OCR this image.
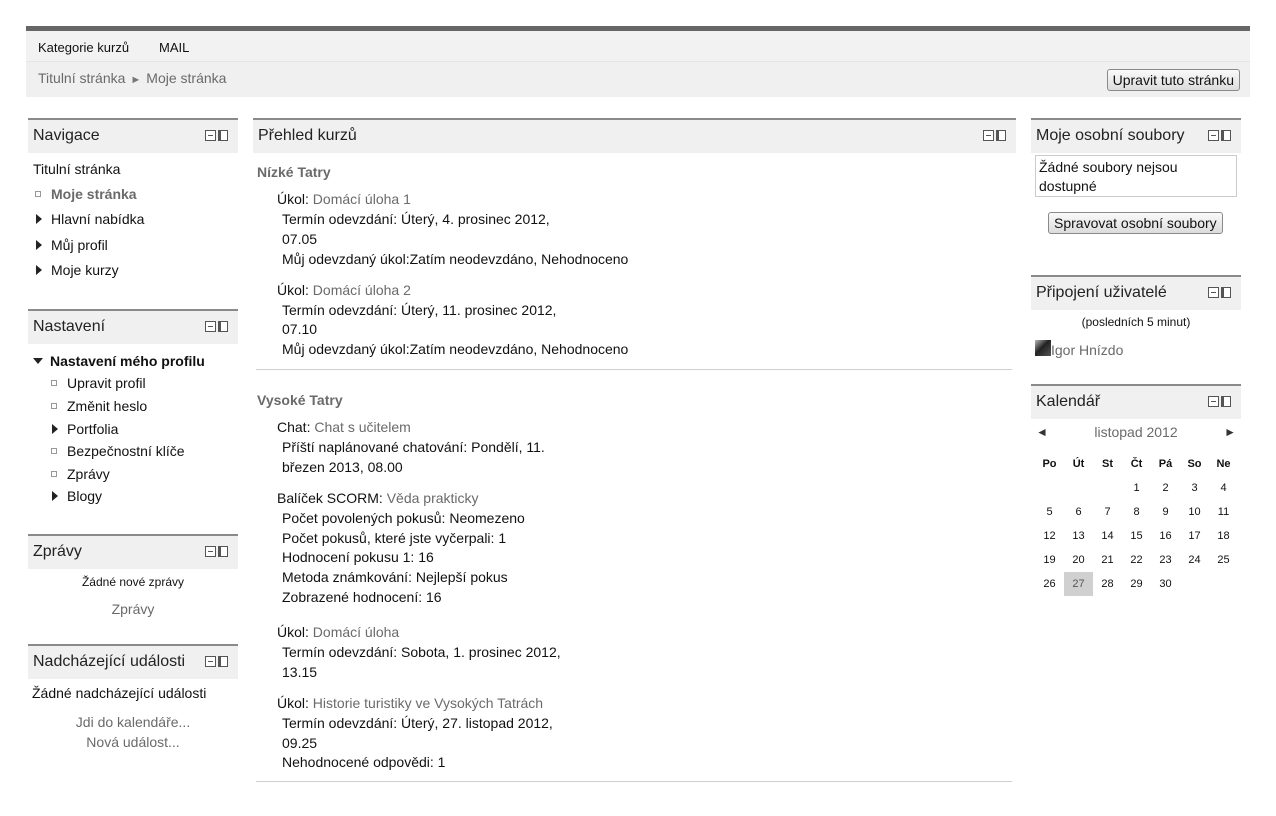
Kategorie kurzů MAIL
Titulní stránka ► Moje stránka	Upravit tuto stránku
Navigace
Titulní stránka
Moje stránka
Hlavní nabídka
Můj profil
Moje kurzy
Nastavení
Nastavení mého profilu
Upravit profil
Změnit heslo
Portfolia
Bezpečnostní klíče
Zprávy
Blogy
Zprávy
Žádné nové zprávy
Zprávy
Nadcházející události
Žádné nadcházející události
Jdi do kalendáře...
Nová událost...
Přehled kurzů
Nízké Tatry
Úkol: Domácí úloha 1
Termín odevzdání: Úterý, 4. prosinec 2012,
07.05
Můj odevzdaný úkol:Zatím neodevzdáno, Nehodnoceno
Úkol: Domácí úloha 2
Termín odevzdání: Úterý, 11. prosinec 2012,
07.10
Můj odevzdaný úkol:Zatím neodevzdáno, Nehodnoceno
Vysoké Tatry
Chat: Chat s učitelem
Příští naplánované chatování: Pondělí, 11.
březen 2013, 08.00
Balíček SCORM: Věda prakticky
Počet povolených pokusů: Neomezeno
Počet pokusů, které jste vyčerpali: 1
Hodnocení pokusu 1: 16
Metoda známkování: Nejlepší pokus
Zobrazené hodnocení: 16
Úkol: Domácí úloha
Termín odevzdání: Sobota, 1. prosinec 2012,
13.15
Úkol: Historie turistiky ve Vysokých Tatrách
Termín odevzdání: Úterý, 27. listopad 2012,
09.25
Nehodnocené odpovědi: 1
Moje osobní soubory
Žádné soubory nejsou dostupné
Spravovat osobní soubory
Připojení uživatelé
(posledních 5 minut)
Igor Hnízdo
Kalendář
◄	listopad 2012	►
Po	Út	St	Čt	Pá	So	Ne
			1	2	3	4
5	6	7	8	9	10	11
12	13	14	15	16	17	18
19	20	21	22	23	24	25
26	27	28	29	30		
